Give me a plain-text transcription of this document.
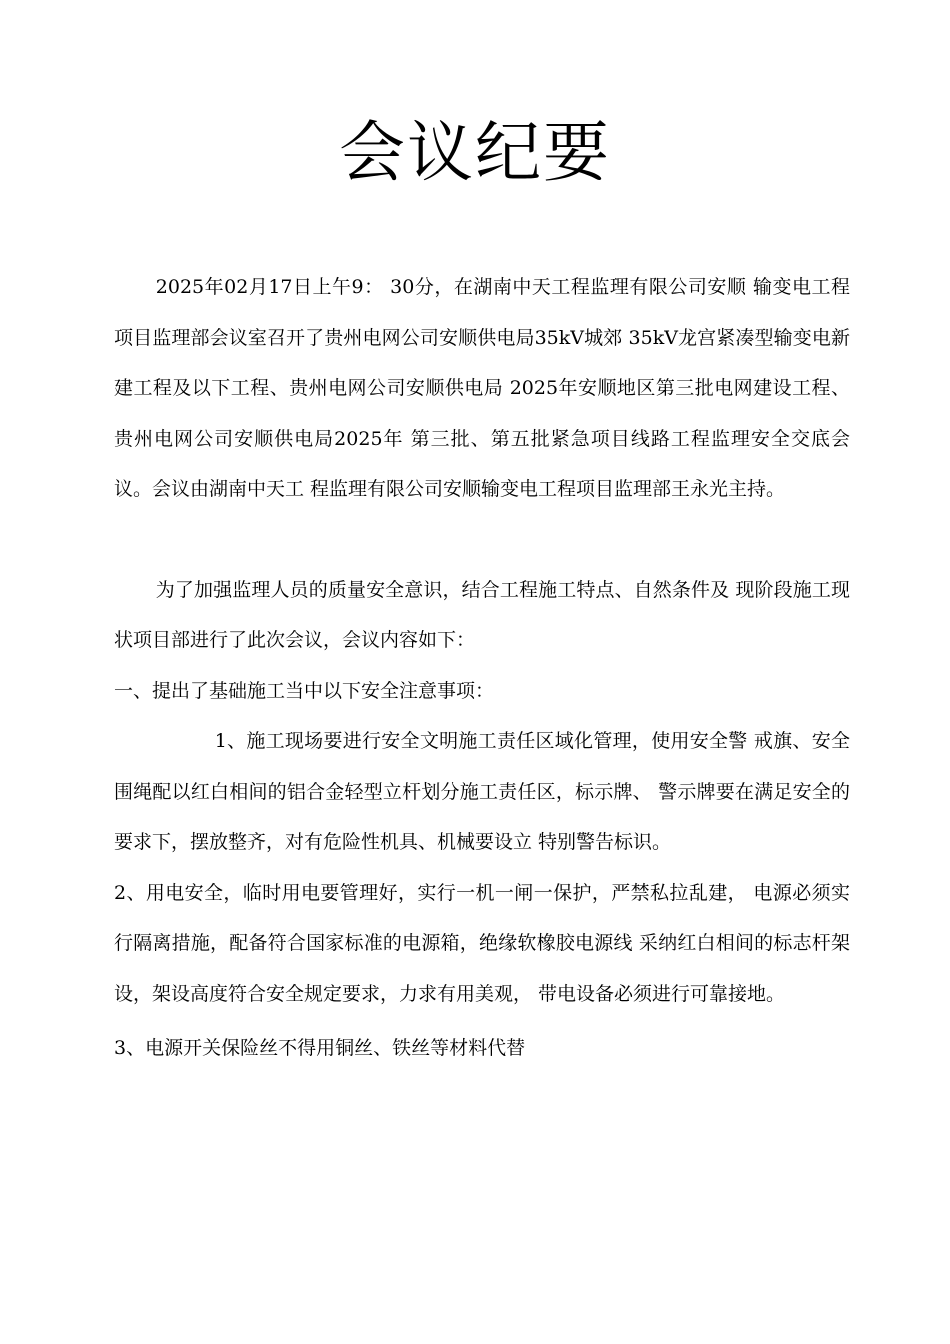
会议纪要

2025年02月17日上午9： 30分，在湖南中天工程监理有限公司安顺 输变电工程项目监理部会议室召开了贵州电网公司安顺供电局35kV城郊 35kV龙宫紧凑型输变电新建工程及以下工程、贵州电网公司安顺供电局 2025年安顺地区第三批电网建设工程、贵州电网公司安顺供电局2025年 第三批、第五批紧急项目线路工程监理安全交底会议。会议由湖南中天工 程监理有限公司安顺输变电工程项目监理部王永光主持。

为了加强监理人员的质量安全意识，结合工程施工特点、自然条件及 现阶段施工现状项目部进行了此次会议，会议内容如下：

一、提出了基础施工当中以下安全注意事项：

1、施工现场要进行安全文明施工责任区域化管理，使用安全警 戒旗、安全围绳配以红白相间的铝合金轻型立杆划分施工责任区，标示牌、 警示牌要在满足安全的要求下，摆放整齐，对有危险性机具、机械要设立 特别警告标识。

2、用电安全，临时用电要管理好，实行一机一闸一保护，严禁私拉乱建， 电源必须实行隔离措施，配备符合国家标准的电源箱，绝缘软橡胶电源线 采纳红白相间的标志杆架设，架设高度符合安全规定要求，力求有用美观， 带电设备必须进行可靠接地。

3、电源开关保险丝不得用铜丝、铁丝等材料代替
